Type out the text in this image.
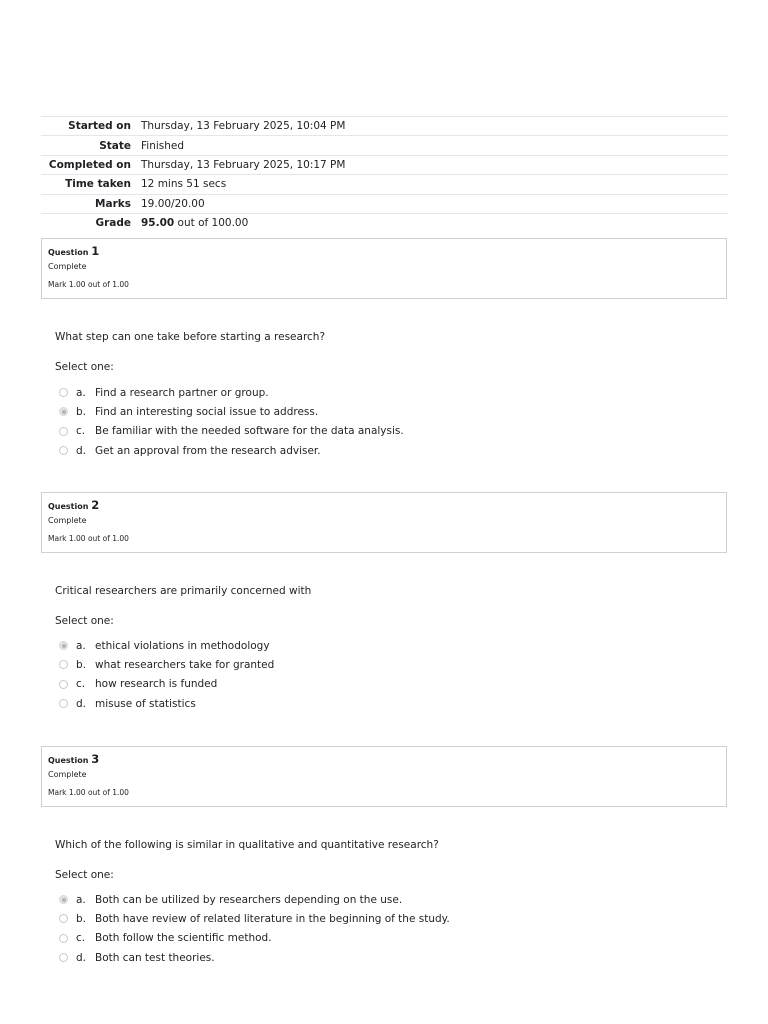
Started on Thursday, 13 February 2025, 10:04 PM
State Finished
Completed on Thursday, 13 February 2025, 10:17 PM
Time taken 12 mins 51 secs
Marks 19.00/20.00
Grade 95.00 out of 100.00
Question 1
Complete
Mark 1.00 out of 1.00
What step can one take before starting a research?
Select one:
a. Find a research partner or group.
b. Find an interesting social issue to address.
c. Be familiar with the needed software for the data analysis.
d. Get an approval from the research adviser.
Question 2
Complete
Mark 1.00 out of 1.00
Critical researchers are primarily concerned with
Select one:
a. ethical violations in methodology
b. what researchers take for granted
c. how research is funded
d. misuse of statistics
Question 3
Complete
Mark 1.00 out of 1.00
Which of the following is similar in qualitative and quantitative research?
Select one:
a. Both can be utilized by researchers depending on the use.
b. Both have review of related literature in the beginning of the study.
c. Both follow the scientific method.
d. Both can test theories.
